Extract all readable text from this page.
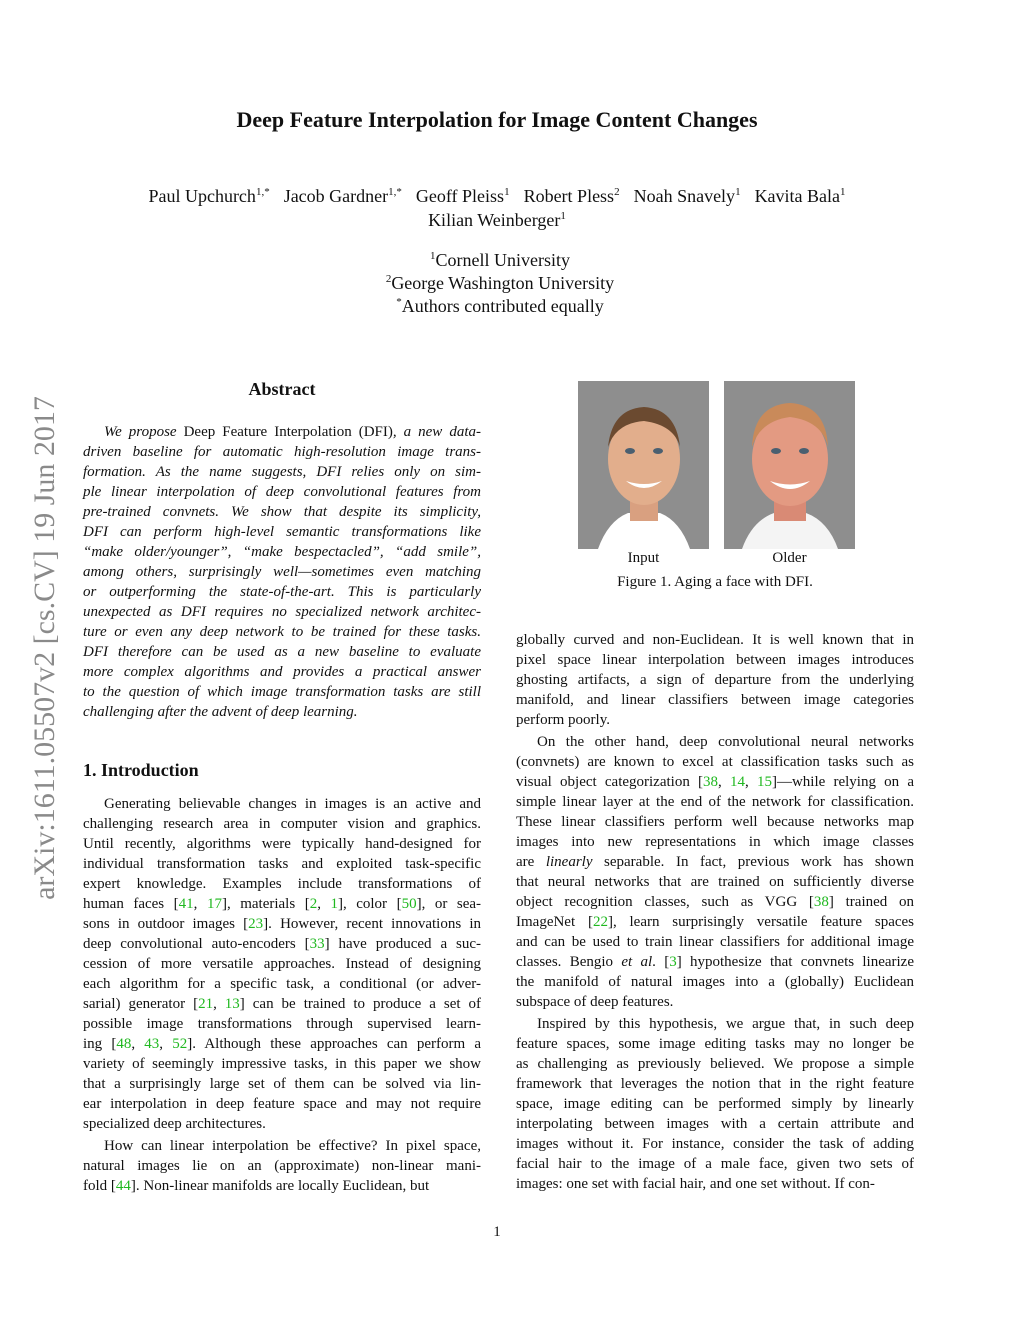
arXiv:1611.05507v2 [cs.CV] 19 Jun 2017
Deep Feature Interpolation for Image Content Changes
Paul Upchurch$^{1,*}$ Jacob Gardner$^{1,*}$ Geoff Pleiss$^1$ Robert Pless$^2$ Noah Snavely$^1$ Kavita Bala$^1$
Kilian Weinberger$^1$
$^1$Cornell University
$^2$George Washington University
*Authors contributed equally
Abstract
We propose Deep Feature Interpolation (DFI), a new data-
driven baseline for automatic high-resolution image trans-
formation. As the name suggests, DFI relies only on sim-
ple linear interpolation of deep convolutional features from
pre-trained convnets. We show that despite its simplicity,
DFI can perform high-level semantic transformations like
“make older/younger”, “make bespectacled”, “add smile”,
among others, surprisingly well—sometimes even matching
or outperforming the state-of-the-art. This is particularly
unexpected as DFI requires no specialized network architec-
ture or even any deep network to be trained for these tasks.
DFI therefore can be used as a new baseline to evaluate
more complex algorithms and provides a practical answer
to the question of which image transformation tasks are still
challenging after the advent of deep learning.
1. Introduction
Generating believable changes in images is an active and
challenging research area in computer vision and graphics.
Until recently, algorithms were typically hand-designed for
individual transformation tasks and exploited task-specific
expert knowledge. Examples include transformations of
human faces [41, 17], materials [2, 1], color [50], or sea-
sons in outdoor images [23]. However, recent innovations in
deep convolutional auto-encoders [33] have produced a suc-
cession of more versatile approaches. Instead of designing
each algorithm for a specific task, a conditional (or adver-
sarial) generator [21, 13] can be trained to produce a set of
possible image transformations through supervised learn-
ing [48, 43, 52]. Although these approaches can perform a
variety of seemingly impressive tasks, in this paper we show
that a surprisingly large set of them can be solved via lin-
ear interpolation in deep feature space and may not require
specialized deep architectures.
How can linear interpolation be effective? In pixel space,
natural images lie on an (approximate) non-linear mani-
fold [44]. Non-linear manifolds are locally Euclidean, but
Input	Older
Figure 1. Aging a face with DFI.
globally curved and non-Euclidean. It is well known that in
pixel space linear interpolation between images introduces
ghosting artifacts, a sign of departure from the underlying
manifold, and linear classifiers between image categories
perform poorly.
On the other hand, deep convolutional neural networks
(convnets) are known to excel at classification tasks such as
visual object categorization [38, 14, 15]—while relying on a
simple linear layer at the end of the network for classification.
These linear classifiers perform well because networks map
images into new representations in which image classes
are linearly separable. In fact, previous work has shown
that neural networks that are trained on sufficiently diverse
object recognition classes, such as VGG [38] trained on
ImageNet [22], learn surprisingly versatile feature spaces
and can be used to train linear classifiers for additional image
classes. Bengio et al. [3] hypothesize that convnets linearize
the manifold of natural images into a (globally) Euclidean
subspace of deep features.
Inspired by this hypothesis, we argue that, in such deep
feature spaces, some image editing tasks may no longer be
as challenging as previously believed. We propose a simple
framework that leverages the notion that in the right feature
space, image editing can be performed simply by linearly
interpolating between images with a certain attribute and
images without it. For instance, consider the task of adding
facial hair to the image of a male face, given two sets of
images: one set with facial hair, and one set without. If con-
1
